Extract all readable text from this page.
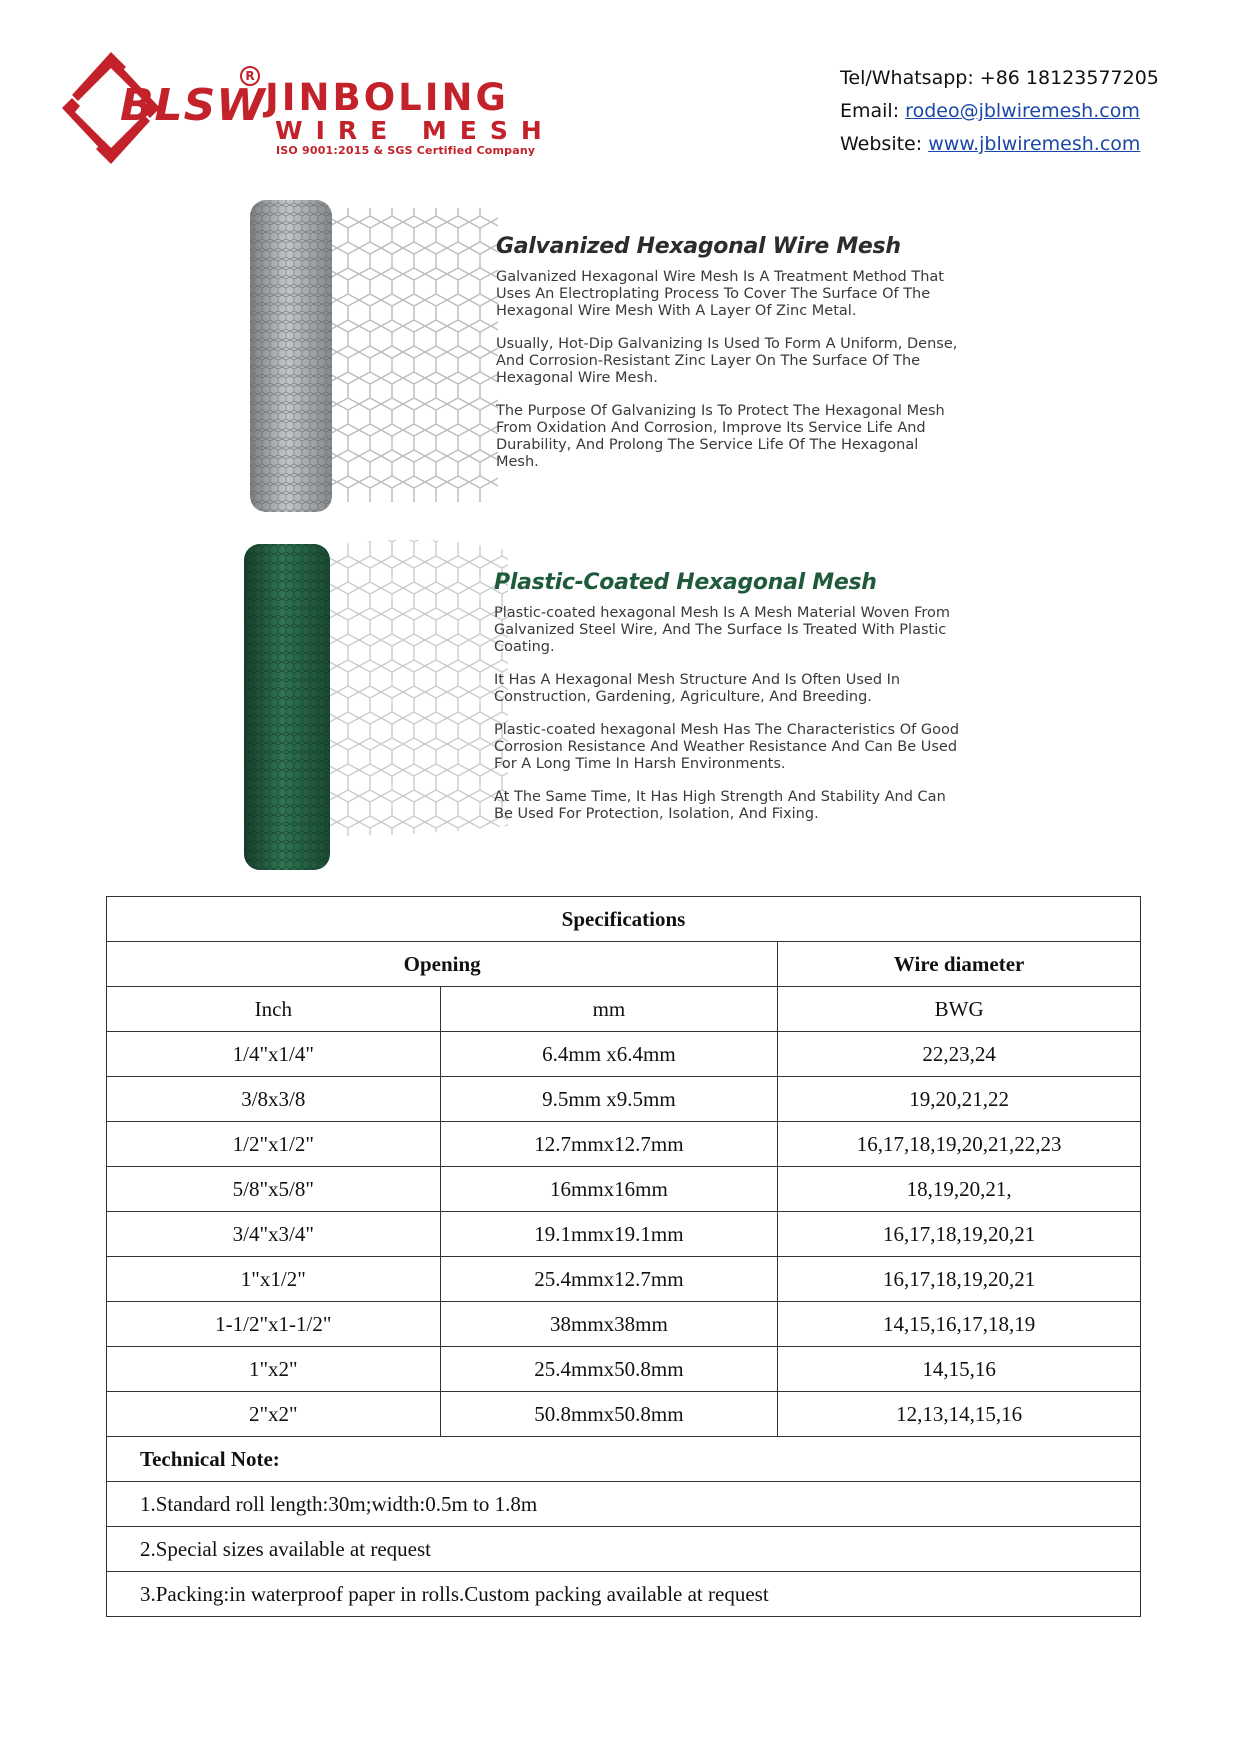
BLSW
R JINBOLING
WIRE MESH
ISO 9001:2015 & SGS Certified Company
Tel/Whatsapp: +86 18123577205
Email: rodeo@jblwiremesh.com
Website: www.jblwiremesh.com
Galvanized Hexagonal Wire Mesh

Galvanized Hexagonal Wire Mesh Is A Treatment Method That Uses An Electroplating Process To Cover The Surface Of The Hexagonal Wire Mesh With A Layer Of Zinc Metal.

Usually, Hot-Dip Galvanizing Is Used To Form A Uniform, Dense, And Corrosion-Resistant Zinc Layer On The Surface Of The Hexagonal Wire Mesh.

The Purpose Of Galvanizing Is To Protect The Hexagonal Mesh From Oxidation And Corrosion, Improve Its Service Life And Durability, And Prolong The Service Life Of The Hexagonal Mesh.

Plastic-Coated Hexagonal Mesh

Plastic-coated hexagonal Mesh Is A Mesh Material Woven From Galvanized Steel Wire, And The Surface Is Treated With Plastic Coating.

It Has A Hexagonal Mesh Structure And Is Often Used In Construction, Gardening, Agriculture, And Breeding.

Plastic-coated hexagonal Mesh Has The Characteristics Of Good Corrosion Resistance And Weather Resistance And Can Be Used For A Long Time In Harsh Environments.

At The Same Time, It Has High Strength And Stability And Can Be Used For Protection, Isolation, And Fixing.

Specifications		
Opening		Wire diameter
Inch	mm	BWG
1/4"x1/4"	6.4mm x6.4mm	22,23,24
3/8x3/8	9.5mm x9.5mm	19,20,21,22
1/2"x1/2"	12.7mmx12.7mm	16,17,18,19,20,21,22,23
5/8"x5/8"	16mmx16mm	18,19,20,21,
3/4"x3/4"	19.1mmx19.1mm	16,17,18,19,20,21
1"x1/2"	25.4mmx12.7mm	16,17,18,19,20,21
1-1/2"x1-1/2"	38mmx38mm	14,15,16,17,18,19
1"x2"	25.4mmx50.8mm	14,15,16
2"x2"	50.8mmx50.8mm	12,13,14,15,16
Technical Note:		
1.Standard roll length:30m;width:0.5m to 1.8m		
2.Special sizes available at request		
3.Packing:in waterproof paper in rolls.Custom packing available at request		
